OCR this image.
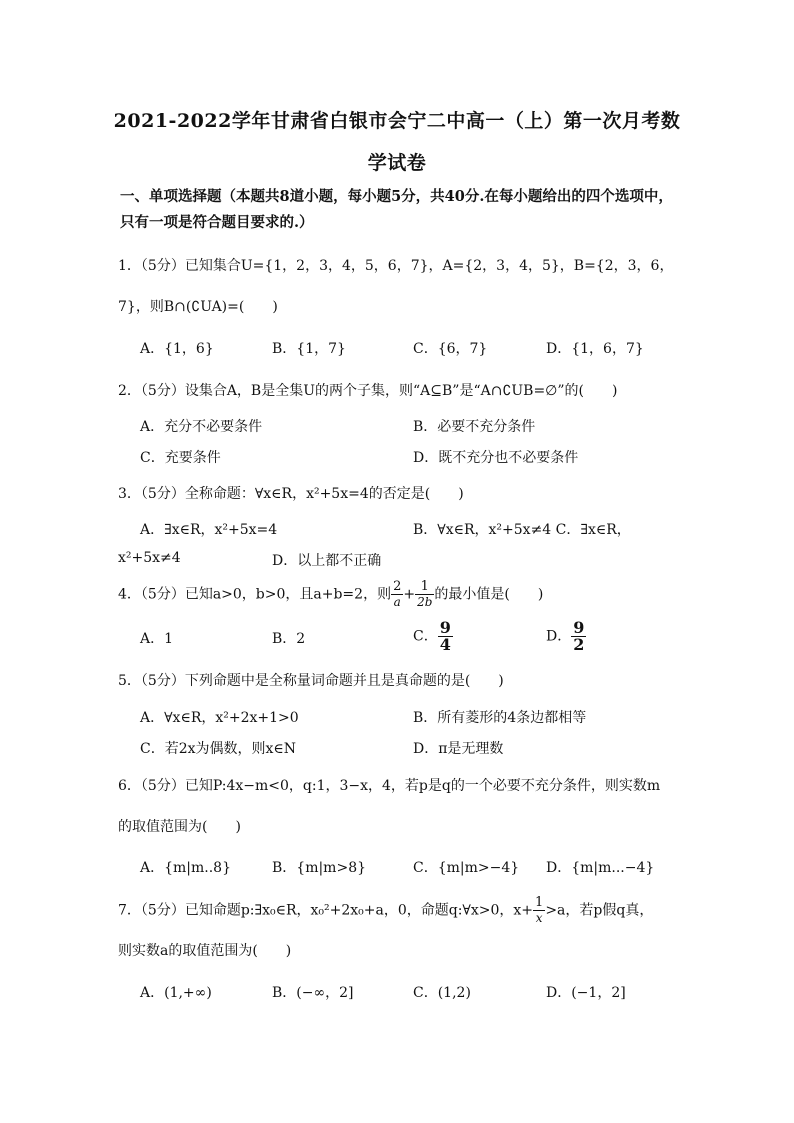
2021-2022学年甘肃省白银市会宁二中高一（上）第一次月考数
学试卷
一、单项选择题（本题共8道小题，每小题5分，共40分.在每小题给出的四个选项中，只有一项是符合题目要求的.）
1．（5分）已知集合U={1，2，3，4，5，6，7}，A={2，3，4，5}，B={2，3，6，
7}，则B∩(∁UA)=(　　)
A．{1，6}	B．{1，7}	C．{6，7}	D．{1，6，7}
2．（5分）设集合A，B是全集U的两个子集，则“A⊆B”是“A∩∁UB=∅”的(　　)
A．充分不必要条件	B．必要不充分条件
C．充要条件	D．既不充分也不必要条件
3．（5分）全称命题：∀x∈R，x²+5x=4的否定是(　　)
A．∃x∈R，x²+5x=4	B．∀x∈R，x²+5x≠4 C．∃x∈R，
x²+5x≠4	D．以上都不正确
4．（5分）已知a>0，b>0，且a+b=2，则 $\frac{2}{a} + \frac{1}{2b}$ 的最小值是(　　)
A．1	B．2	C． $\frac{9}{4}$	D． $\frac{9}{2}$
5．（5分）下列命题中是全称量词命题并且是真命题的是(　　)
A．∀x∈R，x²+2x+1>0	B．所有菱形的4条边都相等
C．若2x为偶数，则x∈N	D．π是无理数
6．（5分）已知P:4x−m<0，q:1，3−x，4，若p是q的一个必要不充分条件，则实数m
的取值范围为(　　)
A．{m|m..8}	B．{m|m>8}	C．{m|m>−4} D．{m|m...−4}
7．（5分）已知命题p:∃x₀∈R，x₀²+2x₀+a，0，命题q:∀x>0，$x+ \frac{1}{x} >a$，若p假q真，
则实数a的取值范围为(　　)
A．(1,+∞)	B．(−∞，2]	C．(1,2)	D．(−1，2]
